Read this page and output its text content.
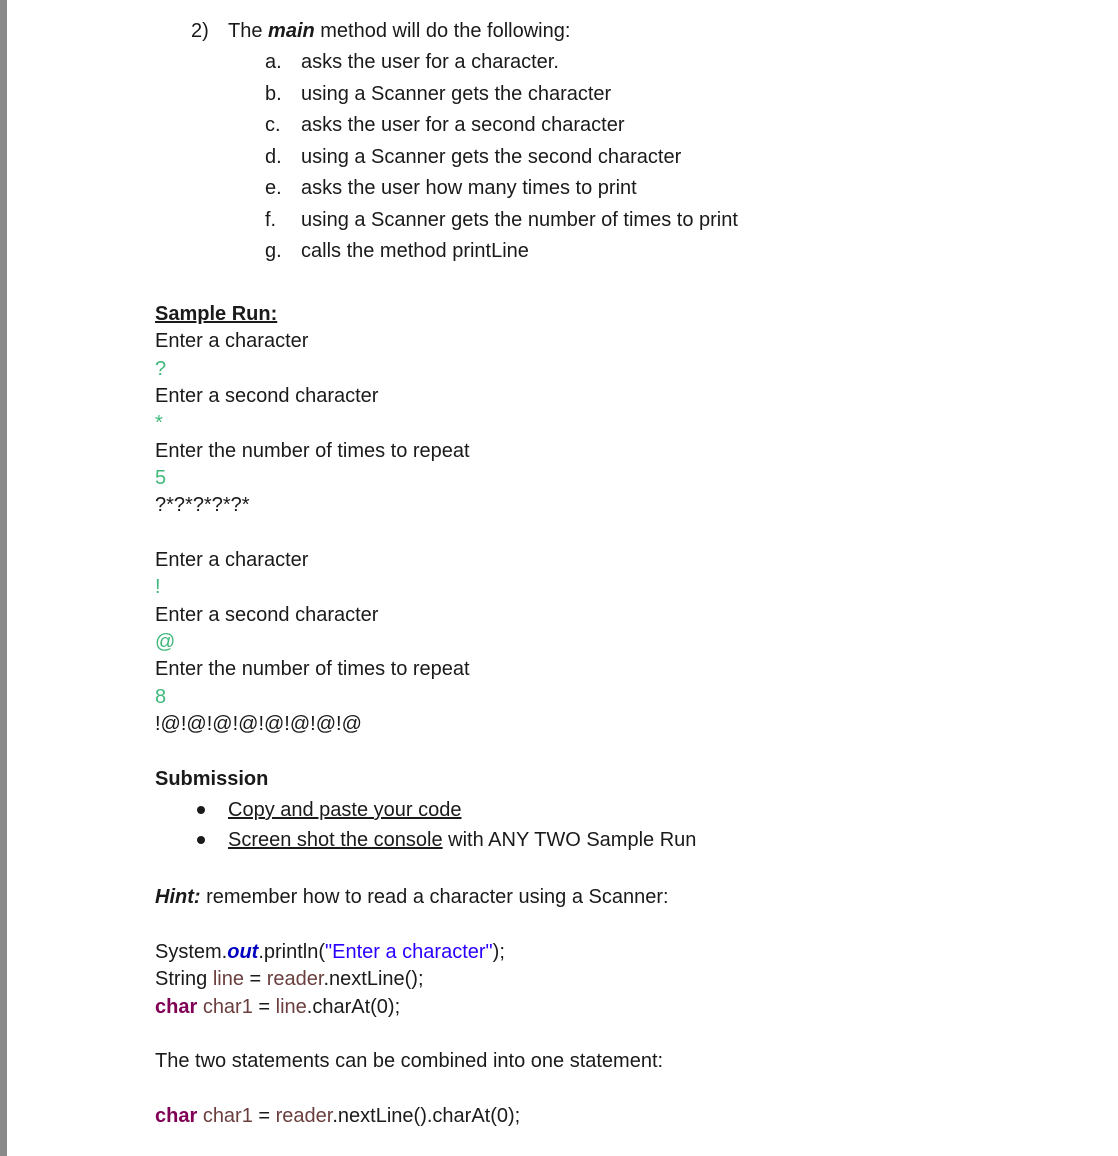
2) The main method will do the following:
a. asks the user for a character.
b. using a Scanner gets the character
c. asks the user for a second character
d. using a Scanner gets the second character
e. asks the user how many times to print
f. using a Scanner gets the number of times to print
g. calls the method printLine
Sample Run:
Enter a character
?
Enter a second character
*
Enter the number of times to repeat
5
?*?*?*?*?*
Enter a character
!
Enter a second character
@
Enter the number of times to repeat
8
!@!@!@!@!@!@!@!@
Submission
Copy and paste your code
Screen shot the console with ANY TWO Sample Run
Hint: remember how to read a character using a Scanner:
System.out.println("Enter a character");
String line = reader.nextLine();
char char1 = line.charAt(0);
The two statements can be combined into one statement:
char char1 = reader.nextLine().charAt(0);
